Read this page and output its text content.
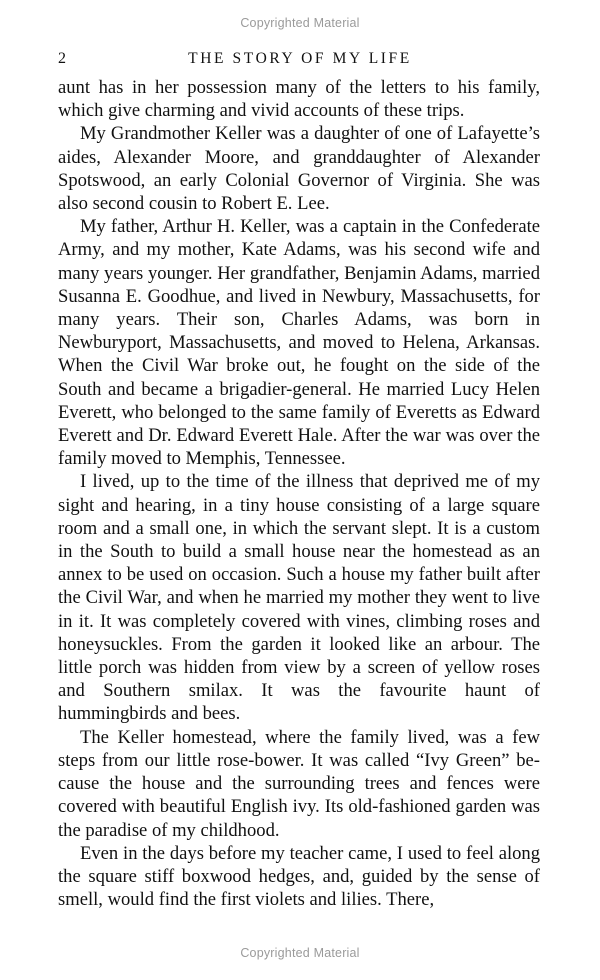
Copyrighted Material
2	THE STORY OF MY LIFE

aunt has in her possession many of the letters to his family, which give charming and vivid accounts of these trips.

My Grandmother Keller was a daughter of one of Lafayette’s aides, Alexander Moore, and granddaughter of Alexander Spotswood, an early Colonial Governor of Virginia. She was also second cousin to Robert E. Lee.

My father, Arthur H. Keller, was a captain in the Confederate Army, and my mother, Kate Adams, was his second wife and many years younger. Her grandfather, Benjamin Adams, married Susanna E. Goodhue, and lived in Newbury, Massachusetts, for many years. Their son, Charles Adams, was born in Newburyport, Massachusetts, and moved to Helena, Arkansas. When the Civil War broke out, he fought on the side of the South and became a brigadier-general. He married Lucy Helen Everett, who belonged to the same family of Everetts as Edward Everett and Dr. Edward Everett Hale. After the war was over the family moved to Memphis, Tennessee.

I lived, up to the time of the illness that deprived me of my sight and hearing, in a tiny house consisting of a large square room and a small one, in which the servant slept. It is a custom in the South to build a small house near the homestead as an annex to be used on occasion. Such a house my father built after the Civil War, and when he married my mother they went to live in it. It was completely covered with vines, climbing roses and honeysuckles. From the garden it looked like an arbour. The little porch was hidden from view by a screen of yellow roses and Southern smilax. It was the favourite haunt of hummingbirds and bees.

The Keller homestead, where the family lived, was a few steps from our little rose-bower. It was called “Ivy Green” because the house and the surrounding trees and fences were covered with beautiful English ivy. Its old-fashioned garden was the paradise of my childhood.

Even in the days before my teacher came, I used to feel along the square stiff boxwood hedges, and, guided by the sense of smell, would find the first violets and lilies. There,

Copyrighted Material
